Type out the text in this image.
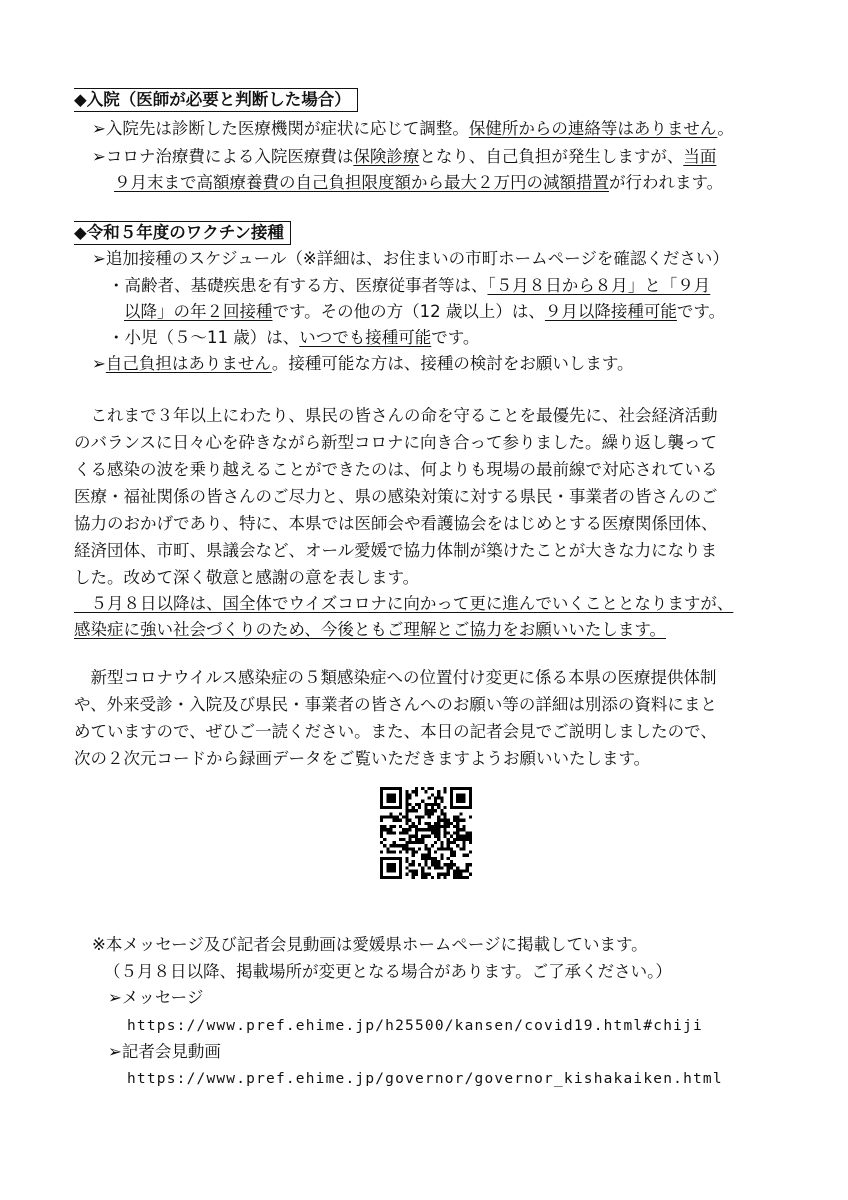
◆入院（医師が必要と判断した場合）
➢入院先は診断した医療機関が症状に応じて調整。保健所からの連絡等はありません。
➢コロナ治療費による入院医療費は保険診療となり、自己負担が発生しますが、当面
９月末まで高額療養費の自己負担限度額から最大２万円の減額措置が行われます。
◆令和５年度のワクチン接種
➢追加接種のスケジュール（※詳細は、お住まいの市町ホームページを確認ください）
・高齢者、基礎疾患を有する方、医療従事者等は、「５月８日から８月」と「９月
以降」の年２回接種です。その他の方（12 歳以上）は、９月以降接種可能です。
・小児（５～11 歳）は、いつでも接種可能です。
➢自己負担はありません。接種可能な方は、接種の検討をお願いします。
　これまで３年以上にわたり、県民の皆さんの命を守ることを最優先に、社会経済活動
のバランスに日々心を砕きながら新型コロナに向き合って参りました。繰り返し襲って
くる感染の波を乗り越えることができたのは、何よりも現場の最前線で対応されている
医療・福祉関係の皆さんのご尽力と、県の感染対策に対する県民・事業者の皆さんのご
協力のおかげであり、特に、本県では医師会や看護協会をはじめとする医療関係団体、
経済団体、市町、県議会など、オール愛媛で協力体制が築けたことが大きな力になりま
した。改めて深く敬意と感謝の意を表します。
　５月８日以降は、国全体でウイズコロナに向かって更に進んでいくこととなりますが、
感染症に強い社会づくりのため、今後ともご理解とご協力をお願いいたします。
　新型コロナウイルス感染症の５類感染症への位置付け変更に係る本県の医療提供体制
や、外来受診・入院及び県民・事業者の皆さんへのお願い等の詳細は別添の資料にまと
めていますので、ぜひご一読ください。また、本日の記者会見でご説明しましたので、
次の２次元コードから録画データをご覧いただきますようお願いいたします。
※本メッセージ及び記者会見動画は愛媛県ホームページに掲載しています。
（５月８日以降、掲載場所が変更となる場合があります。ご了承ください。）
➢メッセージ
https://www.pref.ehime.jp/h25500/kansen/covid19.html#chiji
➢記者会見動画
https://www.pref.ehime.jp/governor/governor_kishakaiken.html
